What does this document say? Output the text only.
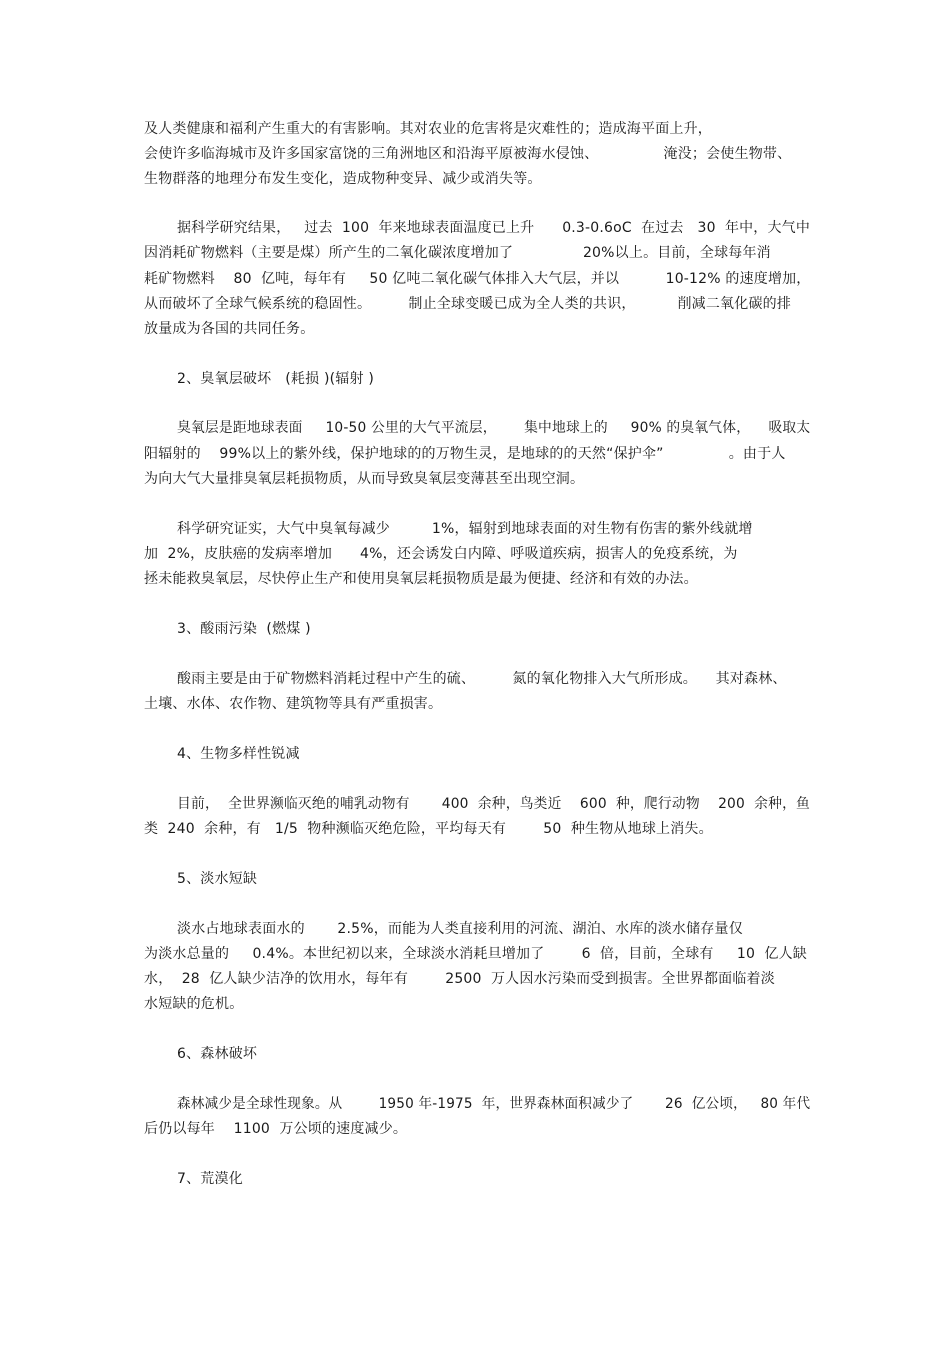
及人类健康和福利产生重大的有害影响。其对农业的危害将是灾难性的；造成海平面上升，
会使许多临海城市及许多国家富饶的三角洲地区和沿海平原被海水侵蚀、              淹没；会使生物带、
生物群落的地理分布发生变化，造成物种变异、减少或消失等。
据科学研究结果，   过去  100  年来地球表面温度已上升      0.3-0.6oC  在过去   30  年中，大气中
因消耗矿物燃料（主要是煤）所产生的二氧化碳浓度增加了               20%以上。目前，全球每年消
耗矿物燃料    80  亿吨，每年有     50 亿吨二氧化碳气体排入大气层，并以          10-12% 的速度增加，
从而破坏了全球气候系统的稳固性。        制止全球变暖已成为全人类的共识，         削减二氧化碳的排
放量成为各国的共同任务。
2、臭氧层破坏   (耗损 )(辐射 )
臭氧层是距地球表面     10-50 公里的大气平流层，      集中地球上的     90% 的臭氧气体，    吸取太
阳辐射的    99%以上的紫外线，保护地球的的万物生灵，是地球的的天然“保护伞”              。由于人
为向大气大量排臭氧层耗损物质，从而导致臭氧层变薄甚至出现空洞。
科学研究证实，大气中臭氧每减少         1%，辐射到地球表面的对生物有伤害的紫外线就增
加  2%，皮肤癌的发病率增加      4%，还会诱发白内障、呼吸道疾病，损害人的免疫系统，为
拯未能救臭氧层，尽快停止生产和使用臭氧层耗损物质是最为便捷、经济和有效的办法。
3、酸雨污染  (燃煤 )
酸雨主要是由于矿物燃料消耗过程中产生的硫、        氮的氧化物排入大气所形成。    其对森林、
土壤、水体、农作物、建筑物等具有严重损害。
4、生物多样性锐减
目前，  全世界濒临灭绝的哺乳动物有       400  余种，鸟类近    600  种，爬行动物    200  余种，鱼
类  240  余种，有   1/5  物种濒临灭绝危险，平均每天有        50  种生物从地球上消失。
5、淡水短缺
淡水占地球表面水的       2.5%，而能为人类直接利用的河流、湖泊、水库的淡水储存量仅
为淡水总量的     0.4%。本世纪初以来，全球淡水消耗旦增加了        6  倍，目前，全球有     10  亿人缺
水，  28  亿人缺少洁净的饮用水，每年有        2500  万人因水污染而受到损害。全世界都面临着淡
水短缺的危机。
6、森林破坏
森林减少是全球性现象。从        1950 年-1975  年，世界森林面积减少了       26  亿公顷，   80 年代
后仍以每年    1100  万公顷的速度减少。
7、荒漠化
